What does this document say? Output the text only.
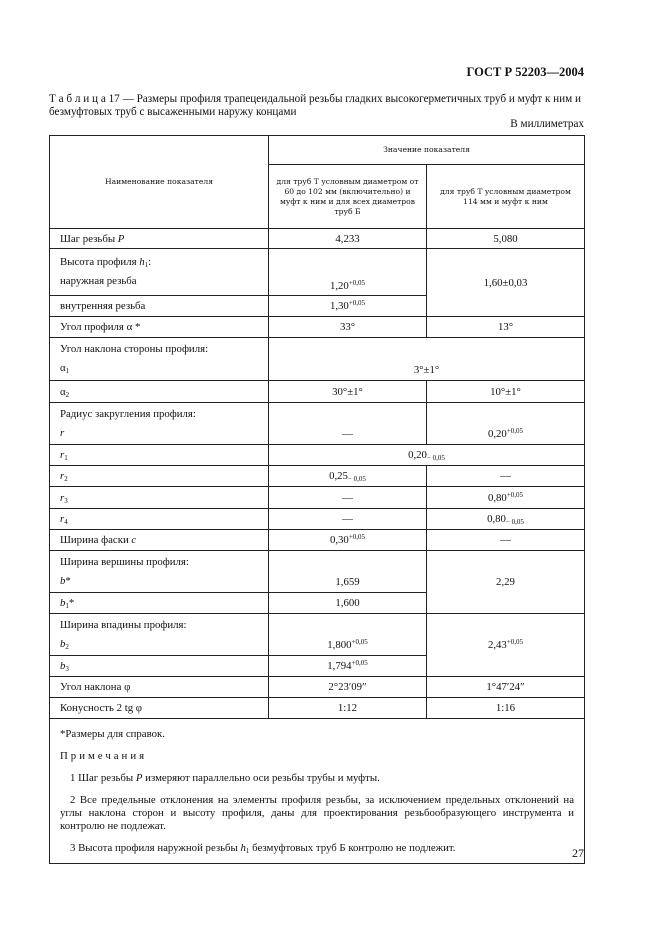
ГОСТ Р 52203—2004
Т а б л и ц а 17 — Размеры профиля трапецеидальной резьбы гладких высокогерметичных труб и муфт к ним и безмуфтовых труб с высаженными наружу концами
В миллиметрах
Наименование показателя	Значение показателя	
	для труб Т условным диаметром от 60 до 102 мм (включительно) и муфт к ним и для всех диаметров труб Б	для труб Т условным диаметром 114 мм и муфт к ним
Шаг резьбы P	4,233	5,080

Высота профиля $h_1$:
наружная резьба	$1,20^{+0,05}$	1,60±0,03
внутренняя резьба	$1,30^{+0,05}$
Угол профиля α *	33°	13°

Угол наклона стороны профиля:
$\alpha_1$	3°±1°	
$\alpha_2$	30°±1°	10°±1°

Радиус закругления профиля:
r	—	$0,20^{+0,05}$
$r_1$	$0,20_{- 0,05}$
$r_2$	$0,25_{- 0,05}$	—
$r_3$	—	$0,80^{+0,05}$
$r_4$	—	$0,80_{- 0,05}$
Ширина фаски c	$0,30^{+0,05}$	—

Ширина вершины профиля:
b*	1,659	2,29
$b_1*$	1,600	

Ширина впадины профиля:
$b_2$	$1,800^{+0,05}$	$2,43^{+0,05}$
$b_3$	$1,794^{+0,05}$
Угол наклона φ	2°23′09″	1°47′24″
Конусность 2 tg φ	1:12	1:16

*Размеры для справок.

Примечания

1 Шаг резьбы P измеряют параллельно оси резьбы трубы и муфты.

2 Все предельные отклонения на элементы профиля резьбы, за исключением предельных отклонений на углы наклона сторон и высоту профиля, даны для проектирования резьбообразующего инструмента и контролю не подлежат.

3 Высота профиля наружной резьбы $h_1$ безмуфтовых труб Б контролю не подлежит.			27
